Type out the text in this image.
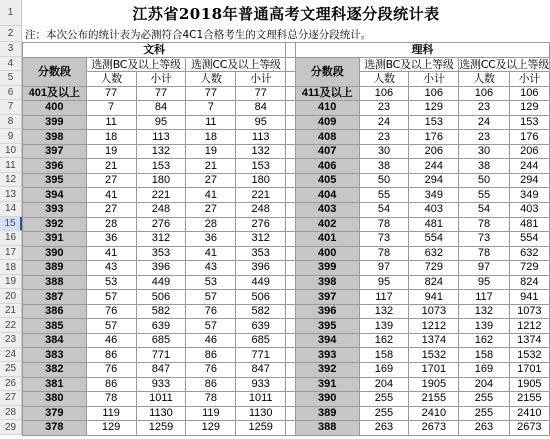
1
2
3
4
5
6
7
8
9
10
11
12
13
14
15
16
17
18
19
20
21
22
23
24
25
26
27
28
29
江苏省2018年普通高考文理科逐分段统计表
注：本次公布的统计表为必测符合4C1合格考生的文理科总分逐分段统计。
文科						理科				
分数段	选测BC及以上等级		选测CC及以上等级			分数段	选测BC及以上等级		选测CC及以上等级	
	人数	小计	人数	小计			人数	小计	人数	小计
401及以上	77	77	77	77		411及以上	106	106	106	106
400	7	84	7	84		410	23	129	23	129
399	11	95	11	95		409	24	153	24	153
398	18	113	18	113		408	23	176	23	176
397	19	132	19	132		407	30	206	30	206
396	21	153	21	153		406	38	244	38	244
395	27	180	27	180		405	50	294	50	294
394	41	221	41	221		404	55	349	55	349
393	27	248	27	248		403	54	403	54	403
392	28	276	28	276		402	78	481	78	481
391	36	312	36	312		401	73	554	73	554
390	41	353	41	353		400	78	632	78	632
389	43	396	43	396		399	97	729	97	729
388	53	449	53	449		398	95	824	95	824
387	57	506	57	506		397	117	941	117	941
386	76	582	76	582		396	132	1073	132	1073
385	57	639	57	639		395	139	1212	139	1212
384	46	685	46	685		394	162	1374	162	1374
383	86	771	86	771		393	158	1532	158	1532
382	76	847	76	847		392	169	1701	169	1701
381	86	933	86	933		391	204	1905	204	1905
380	78	1011	78	1011		390	255	2155	255	2155
379	119	1130	119	1130		389	255	2410	255	2410
378	129	1259	129	1259		388	263	2673	263	2673
